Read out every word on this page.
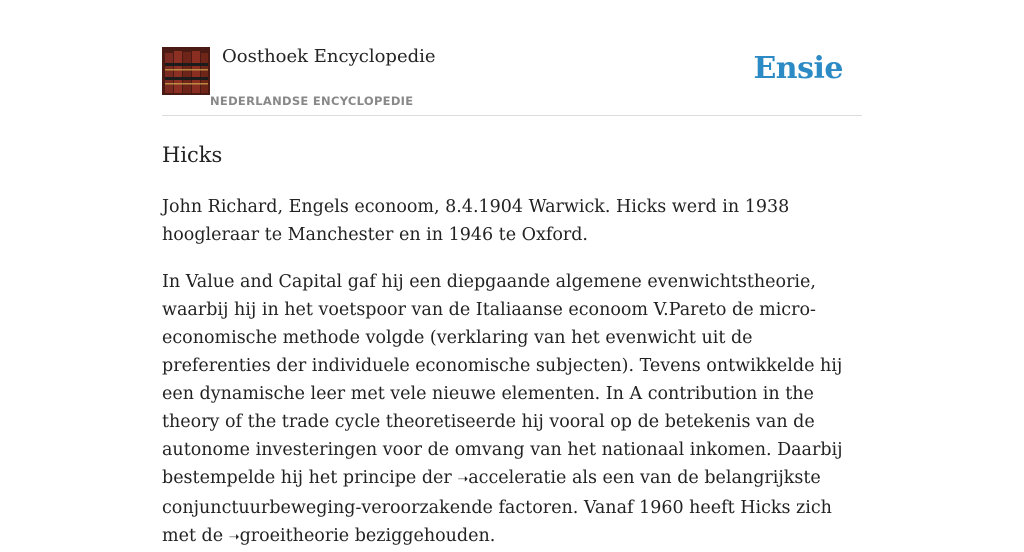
Oosthoek Encyclopedie
NEDERLANDSE ENCYCLOPEDIE
Ensie
Hicks

John Richard, Engels econoom, 8.4.1904 Warwick. Hicks werd in 1938 hoogleraar te Manchester en in 1946 te Oxford.

In Value and Capital gaf hij een diepgaande algemene evenwichtstheorie, waarbij hij in het voetspoor van de Italiaanse econoom V.Pareto de micro-economische methode volgde (verklaring van het evenwicht uit de preferenties der individuele economische subjecten). Tevens ontwikkelde hij een dynamische leer met vele nieuwe elementen. In A contribution in the theory of the trade cycle theoretiseerde hij vooral op de betekenis van de autonome investeringen voor de omvang van het nationaal inkomen. Daarbij bestempelde hij het principe der ➝acceleratie als een van de belangrijkste conjunctuurbeweging-veroorzakende factoren. Vanaf 1960 heeft Hicks zich met de ➝groeitheorie beziggehouden.
